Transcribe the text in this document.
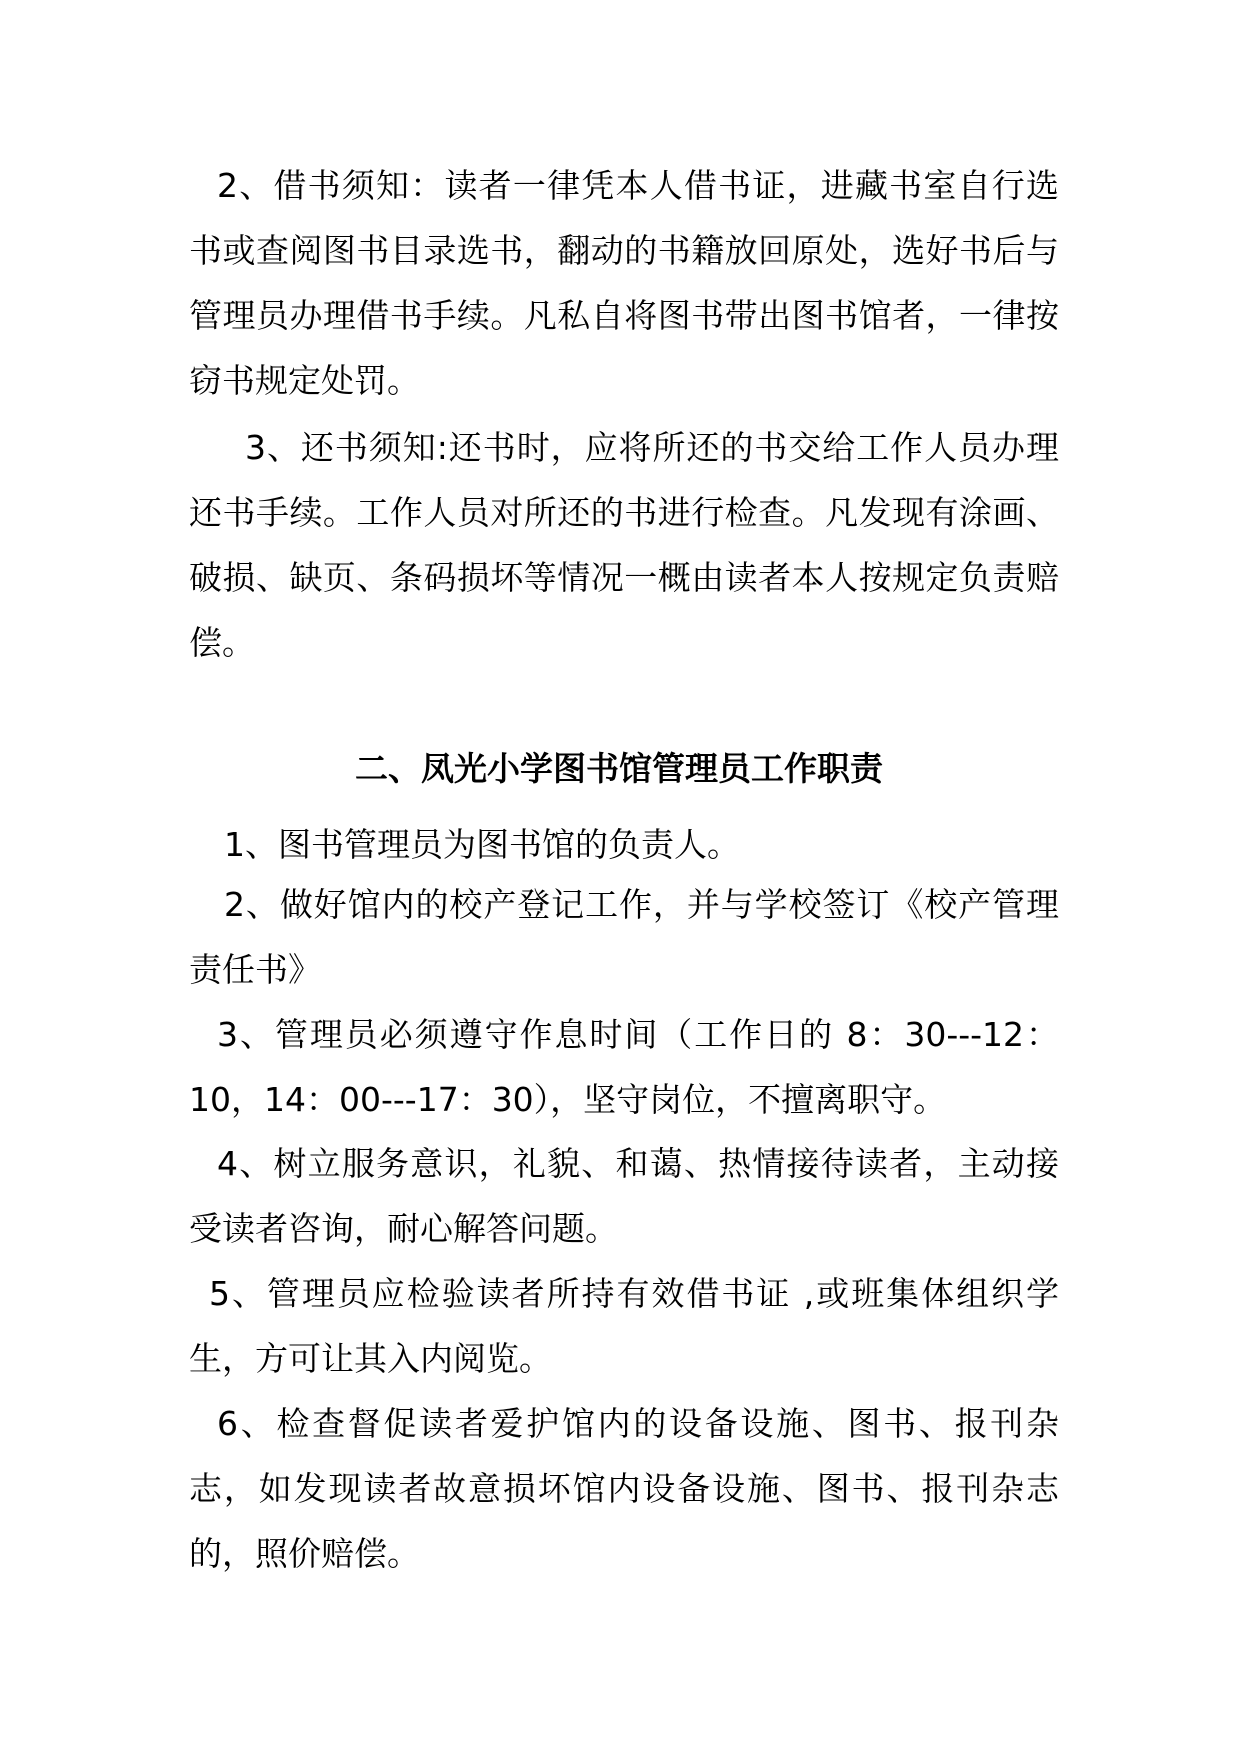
2、借书须知：读者一律凭本人借书证，进藏书室自行选书或查阅图书目录选书，翻动的书籍放回原处，选好书后与管理员办理借书手续。凡私自将图书带出图书馆者，一律按窃书规定处罚。

3、还书须知:还书时，应将所还的书交给工作人员办理还书手续。工作人员对所还的书进行检查。凡发现有涂画、破损、缺页、条码损坏等情况一概由读者本人按规定负责赔偿。

二、凤光小学图书馆管理员工作职责

1、图书管理员为图书馆的负责人。

2、做好馆内的校产登记工作，并与学校签订《校产管理责任书》

3、管理员必须遵守作息时间（工作日的 8：30---12：10，14：00---17：30），坚守岗位，不擅离职守。

4、树立服务意识，礼貌、和蔼、热情接待读者，主动接受读者咨询，耐心解答问题。

5、管理员应检验读者所持有效借书证 ,或班集体组织学生，方可让其入内阅览。

6、检查督促读者爱护馆内的设备设施、图书、报刊杂志，如发现读者故意损坏馆内设备设施、图书、报刊杂志的，照价赔偿。
